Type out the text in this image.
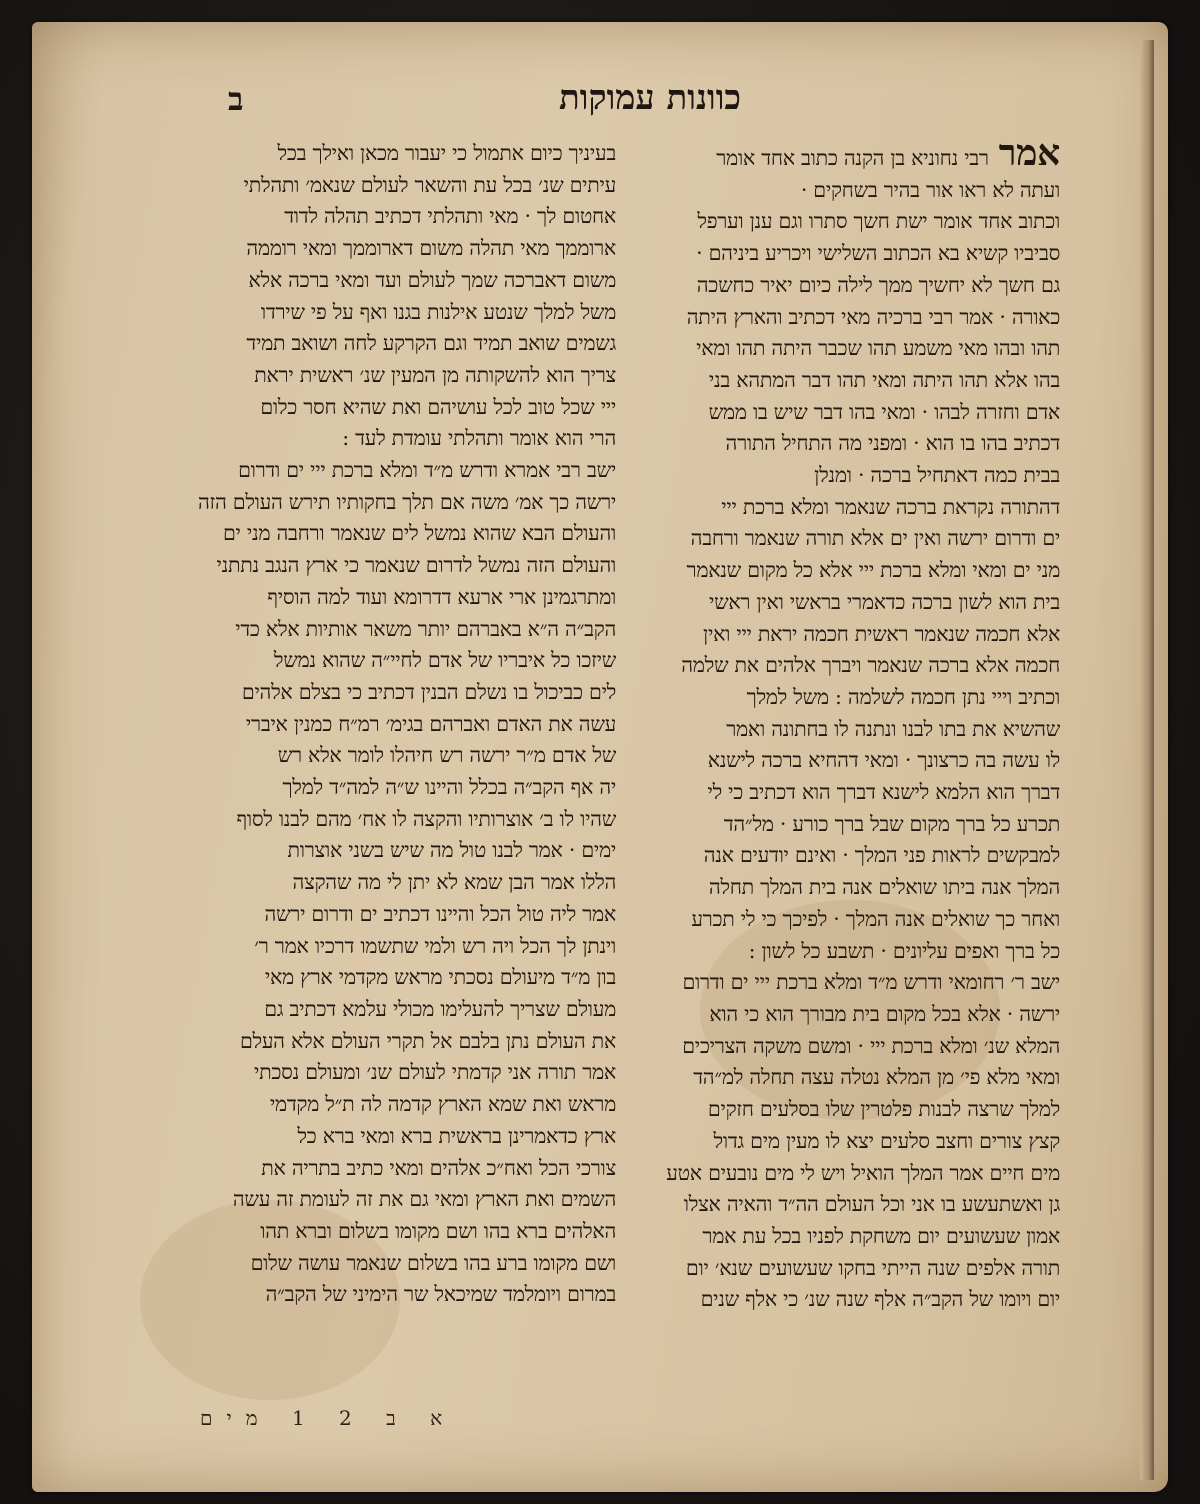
כוונות עמוקות
ב
אמררבי נחוניא בן הקנה כתוב אחד אומר
ועתה לא ראו אור בהיר בשחקים ·
וכתוב אחד אומר ישת חשך סתרו וגם ענן וערפל
סביביו קשיא בא הכתוב השלישי ויכריע ביניהם ·
גם חשך לא יחשיך ממך לילה כיום יאיר כחשכה
כאורה · אמר רבי ברכיה מאי דכתיב והארץ היתה
תהו ובהו מאי משמע תהו שכבר היתה תהו ומאי
בהו אלא תהו היתה ומאי תהו דבר המתהא בני
אדם וחזרה לבהו · ומאי בהו דבר שיש בו ממש
דכתיב בהו בו הוא · ומפני מה התחיל התורה
בבית כמה דאתחיל ברכה · ומנלן
דהתורה נקראת ברכה שנאמר ומלא ברכת ייי
ים ודרום ירשה ואין ים אלא תורה שנאמר ורחבה
מני ים ומאי ומלא ברכת ייי אלא כל מקום שנאמר
בית הוא לשון ברכה כדאמרי בראשי ואין ראשי
אלא חכמה שנאמר ראשית חכמה יראת ייי ואין
חכמה אלא ברכה שנאמר ויברך אלהים את שלמה
וכתיב וייי נתן חכמה לשלמה : משל למלך
שהשיא את בתו לבנו ונתנה לו בחתונה ואמר
לו עשה בה כרצונך · ומאי דהחיא ברכה לישנא
דברך הוא הלמא לישנא דברך הוא דכתיב כי לי
תכרע כל ברך מקום שבל ברך כורע · מל״הד
למבקשים לראות פני המלך · ואינם יודעים אנה
המלך אנה ביתו שואלים אנה בית המלך תחלה
ואחר כך שואלים אנה המלך · לפיכך כי לי תכרע
כל ברך ואפים עליונים · תשבע כל לשון :
ישב ר׳ רחומאי ודרש מ״ד ומלא ברכת ייי ים ודרום
ירשה · אלא בכל מקום בית מבורך הוא כי הוא
המלא שנ׳ ומלא ברכת ייי · ומשם משקה הצריכים
ומאי מלא פי׳ מן המלא נטלה עצה תחלה למ״הד
למלך שרצה לבנות פלטרין שלו בסלעים חזקים
קצץ צורים וחצב סלעים יצא לו מעין מים גדול
מים חיים אמר המלך הואיל ויש לי מים נובעים אטע
גן ואשתעשע בו אני וכל העולם הה״ד והאיה אצלו
אמון שעשועים יום משחקת לפניו בכל עת אמר
תורה אלפים שנה הייתי בחקו שעשועים שנא׳ יום
יום ויומו של הקב״ה אלף שנה שנ׳ כי אלף שנים
בעיניך כיום אתמול כי יעבור מכאן ואילך בכל
עיתים שנ׳ בכל עת והשאר לעולם שנאמ׳ ותהלתי
אחטום לך · מאי ותהלתי דכתיב תהלה לדוד
ארוממך מאי תהלה משום דארוממך ומאי רוממה
משום דאברכה שמך לעולם ועד ומאי ברכה אלא
משל למלך שנטע אילנות בגנו ואף על פי שירדו
גשמים שואב תמיד וגם הקרקע לחה ושואב תמיד
צריך הוא להשקותה מן המעין שנ׳ ראשית יראת
ייי שכל טוב לכל עושיהם ואת שהיא חסר כלום
הרי הוא אומר ותהלתי עומדת לעד :
ישב רבי אמרא ודרש מ״ד ומלא ברכת ייי ים ודרום
ירשה כך אמ׳ משה אם תלך בחקותיו תירש העולם הזה
והעולם הבא שהוא נמשל לים שנאמר ורחבה מני ים
והעולם הזה נמשל לדרום שנאמר כי ארץ הנגב נתתני
ומתרגמינן ארי ארעא דדרומא ועוד למה הוסיף
הקב״ה ה״א באברהם יותר משאר אותיות אלא כדי
שיזכו כל איבריו של אדם לחיי״ה שהוא נמשל
לים כביכול בו נשלם הבנין דכתיב כי בצלם אלהים
עשה את האדם ואברהם בגימ׳ רמ״ח כמנין איברי
של אדם מ״ר ירשה רש חיהלו לומר אלא רש
יה אף הקב״ה בכלל והיינו ש״ה למה״ד למלך
שהיו לו ב׳ אוצרותיו והקצה לו אח׳ מהם לבנו לסוף
ימים · אמר לבנו טול מה שיש בשני אוצרות
הללו אמר הבן שמא לא יתן לי מה שהקצה
אמר ליה טול הכל והיינו דכתיב ים ודרום ירשה
וינתן לך הכל ויה רש ולמי שתשמו דרכיו אמר ר׳
בון מ״ד מיעולם נסכתי מראש מקדמי ארץ מאי
מעולם שצריך להעלימו מכולי עלמא דכתיב גם
את העולם נתן בלבם אל תקרי העולם אלא העלם
אמר תורה אני קדמתי לעולם שנ׳ ומעולם נסכתי
מראש ואת שמא הארץ קדמה לה ת״ל מקדמי
ארץ כדאמרינן בראשית ברא ומאי ברא כל
צורכי הכל ואח״כ אלהים ומאי כתיב בתריה את
השמים ואת הארץ ומאי גם את זה לעומת זה עשה
האלהים ברא בהו ושם מקומו בשלום וברא תהו
ושם מקומו ברע בהו בשלום שנאמר עושה שלום
במרום ויומלמד שמיכאל שר הימיני של הקב״ה
א ב 2 1 מים
